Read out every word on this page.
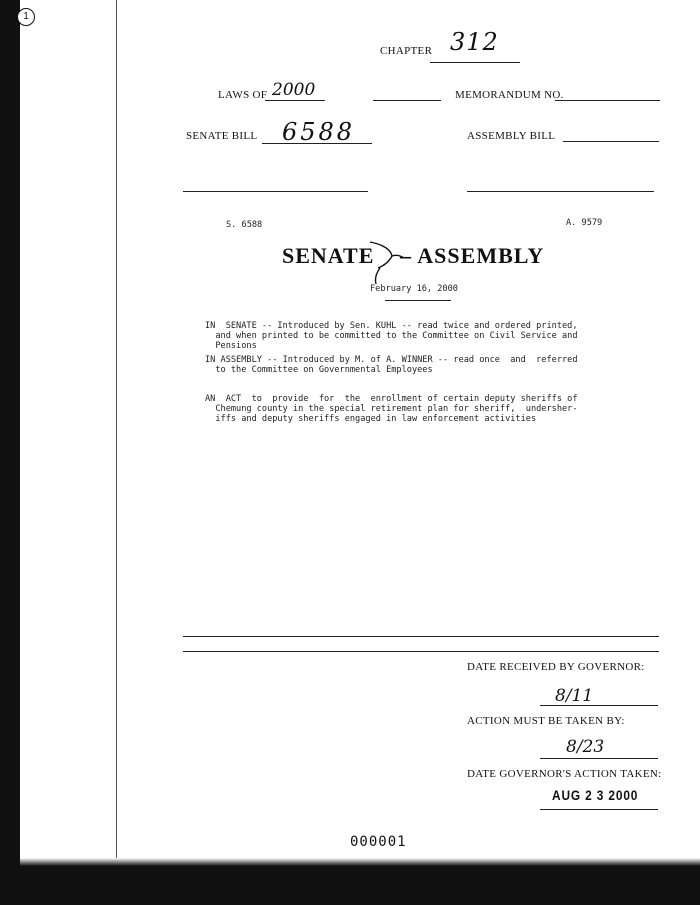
1
CHAPTER 312
LAWS OF 2000	MEMORANDUM NO.
SENATE BILL 6588	ASSEMBLY BILL
S. 6588	A. 9579
SENATE – ASSEMBLY
February 16, 2000
IN  SENATE -- Introduced by Sen. KUHL -- read twice and ordered printed,
and when printed to be committed to the Committee on Civil Service and
Pensions
IN ASSEMBLY -- Introduced by M. of A. WINNER -- read once  and  referred
to the Committee on Governmental Employees
AN  ACT  to  provide  for  the  enrollment of certain deputy sheriffs of
Chemung county in the special retirement plan for sheriff,  undersher-
iffs and deputy sheriffs engaged in law enforcement activities
DATE RECEIVED BY GOVERNOR:
8/11
ACTION MUST BE TAKEN BY:
8/23
DATE GOVERNOR'S ACTION TAKEN:
AUG 2 3 2000
000001
